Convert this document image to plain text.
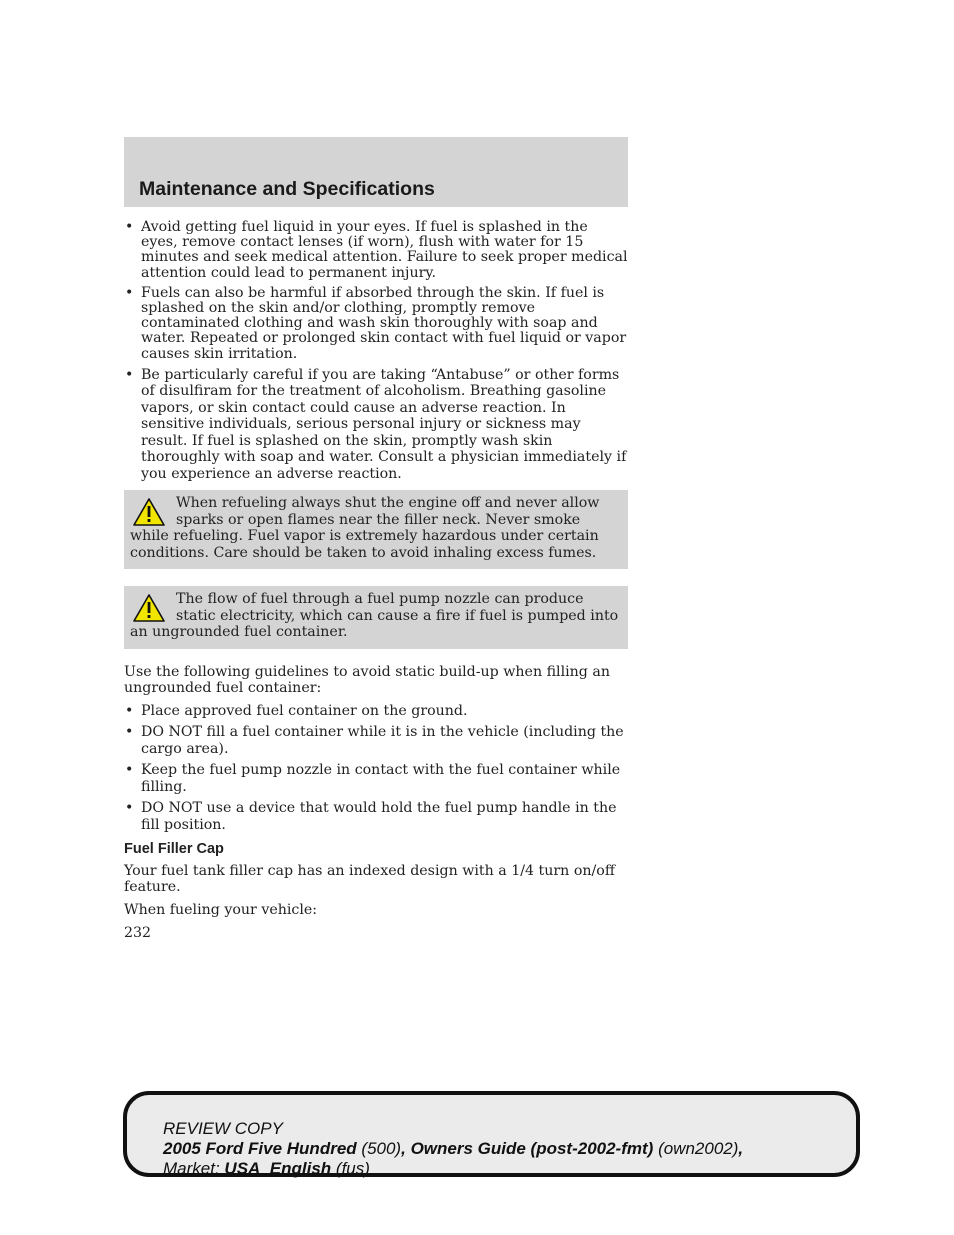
Maintenance and Specifications
• Avoid getting fuel liquid in your eyes. If fuel is splashed in the eyes, remove contact lenses (if worn), flush with water for 15 minutes and seek medical attention. Failure to seek proper medical attention could lead to permanent injury.
• Fuels can also be harmful if absorbed through the skin. If fuel is splashed on the skin and/or clothing, promptly remove contaminated clothing and wash skin thoroughly with soap and water. Repeated or prolonged skin contact with fuel liquid or vapor causes skin irritation.
• Be particularly careful if you are taking “Antabuse” or other forms of disulfiram for the treatment of alcoholism. Breathing gasoline vapors, or skin contact could cause an adverse reaction. In sensitive individuals, serious personal injury or sickness may result. If fuel is splashed on the skin, promptly wash skin thoroughly with soap and water. Consult a physician immediately if you experience an adverse reaction.
When refueling always shut the engine off and never allow sparks or open flames near the filler neck. Never smoke while refueling. Fuel vapor is extremely hazardous under certain conditions. Care should be taken to avoid inhaling excess fumes.
The flow of fuel through a fuel pump nozzle can produce static electricity, which can cause a fire if fuel is pumped into an ungrounded fuel container.

Use the following guidelines to avoid static build-up when filling an ungrounded fuel container:

• Place approved fuel container on the ground.
• DO NOT fill a fuel container while it is in the vehicle (including the cargo area).
• Keep the fuel pump nozzle in contact with the fuel container while filling.
• DO NOT use a device that would hold the fuel pump handle in the fill position.
Fuel Filler Cap

Your fuel tank filler cap has an indexed design with a 1/4 turn on/off feature.

When fueling your vehicle:

232

REVIEW COPY
2005 Ford Five Hundred (500), Owners Guide (post-2002-fmt) (own2002),
Market: USA_English (fus)
